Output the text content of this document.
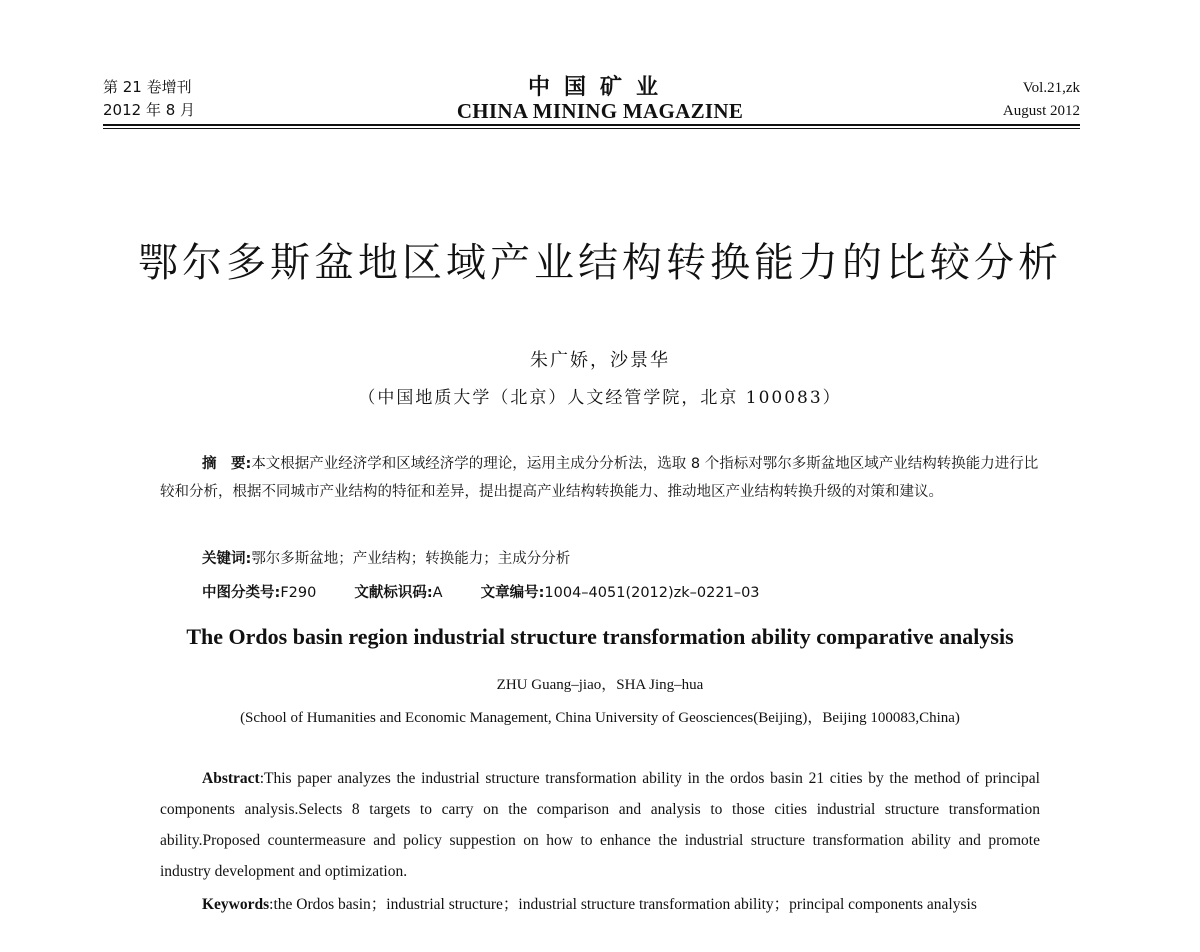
第 21 卷增刊
2012 年 8 月
中国矿业
CHINA MINING MAGAZINE
Vol.21,zk
August 2012
鄂尔多斯盆地区域产业结构转换能力的比较分析
朱广娇，沙景华
（中国地质大学（北京）人文经管学院，北京 100083）
摘　要:本文根据产业经济学和区域经济学的理论，运用主成分分析法，选取 8 个指标对鄂尔多斯盆地区域产业结构转换能力进行比较和分析，根据不同城市产业结构的特征和差异，提出提高产业结构转换能力、推动地区产业结构转换升级的对策和建议。
关键词:鄂尔多斯盆地；产业结构；转换能力；主成分分析
中图分类号:F290	文献标识码:A	文章编号:1004–4051(2012)zk–0221–03
The Ordos basin region industrial structure transformation ability comparative analysis
ZHU Guang–jiao，SHA Jing–hua
(School of Humanities and Economic Management, China University of Geosciences(Beijing)，Beijing 100083,China)
Abstract:This paper analyzes the industrial structure transformation ability in the ordos basin 21 cities by the method of principal components analysis.Selects 8 targets to carry on the comparison and analysis to those cities industrial structure transformation ability.Proposed countermeasure and policy suppestion on how to enhance the industrial structure transformation ability and promote industry development and optimization.
Keywords:the Ordos basin；industrial structure；industrial structure transformation ability；principal components analysis
